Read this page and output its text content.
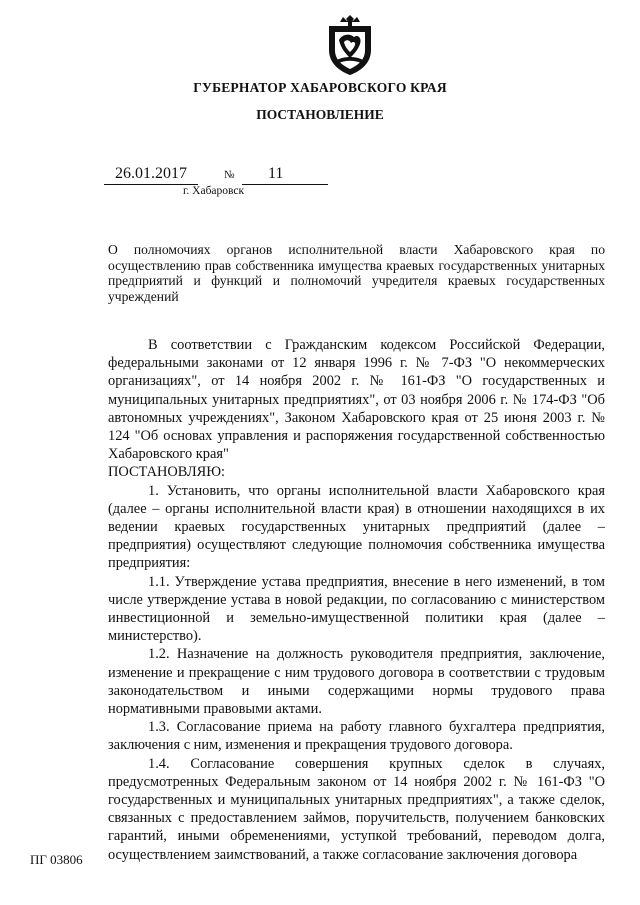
ГУБЕРНАТОР ХАБАРОВСКОГО КРАЯ
ПОСТАНОВЛЕНИЕ
26.01.2017	№	11
г. Хабаровск
О полномочиях органов исполнительной власти Хабаровского края по осуществлению прав собственника имущества краевых государственных унитарных предприятий и функций и полномочий учредителя краевых государственных учреждений

В соответствии с Гражданским кодексом Российской Федерации, федеральными законами от 12 января 1996 г. № 7-ФЗ "О некоммерческих организациях", от 14 ноября 2002 г. № 161-ФЗ "О государственных и муниципальных унитарных предприятиях", от 03 ноября 2006 г. № 174-ФЗ "Об автономных учреждениях", Законом Хабаровского края от 25 июня 2003 г. № 124 "Об основах управления и распоряжения государственной собственностью Хабаровского края"

ПОСТАНОВЛЯЮ:

1. Установить, что органы исполнительной власти Хабаровского края (далее – органы исполнительной власти края) в отношении находящихся в их ведении краевых государственных унитарных предприятий (далее – предприятия) осуществляют следующие полномочия собственника имущества предприятия:

1.1. Утверждение устава предприятия, внесение в него изменений, в том числе утверждение устава в новой редакции, по согласованию с министерством инвестиционной и земельно-имущественной политики края (далее – министерство).

1.2. Назначение на должность руководителя предприятия, заключение, изменение и прекращение с ним трудового договора в соответствии с трудовым законодательством и иными содержащими нормы трудового права нормативными правовыми актами.

1.3. Согласование приема на работу главного бухгалтера предприятия, заключения с ним, изменения и прекращения трудового договора.

1.4. Согласование совершения крупных сделок в случаях, предусмотренных Федеральным законом от 14 ноября 2002 г. № 161-ФЗ "О государственных и муниципальных унитарных предприятиях", а также сделок, связанных с предоставлением займов, поручительств, получением банковских гарантий, иными обременениями, уступкой требований, переводом долга, осуществлением заимствований, а также согласование заключения договора

ПГ 03806
